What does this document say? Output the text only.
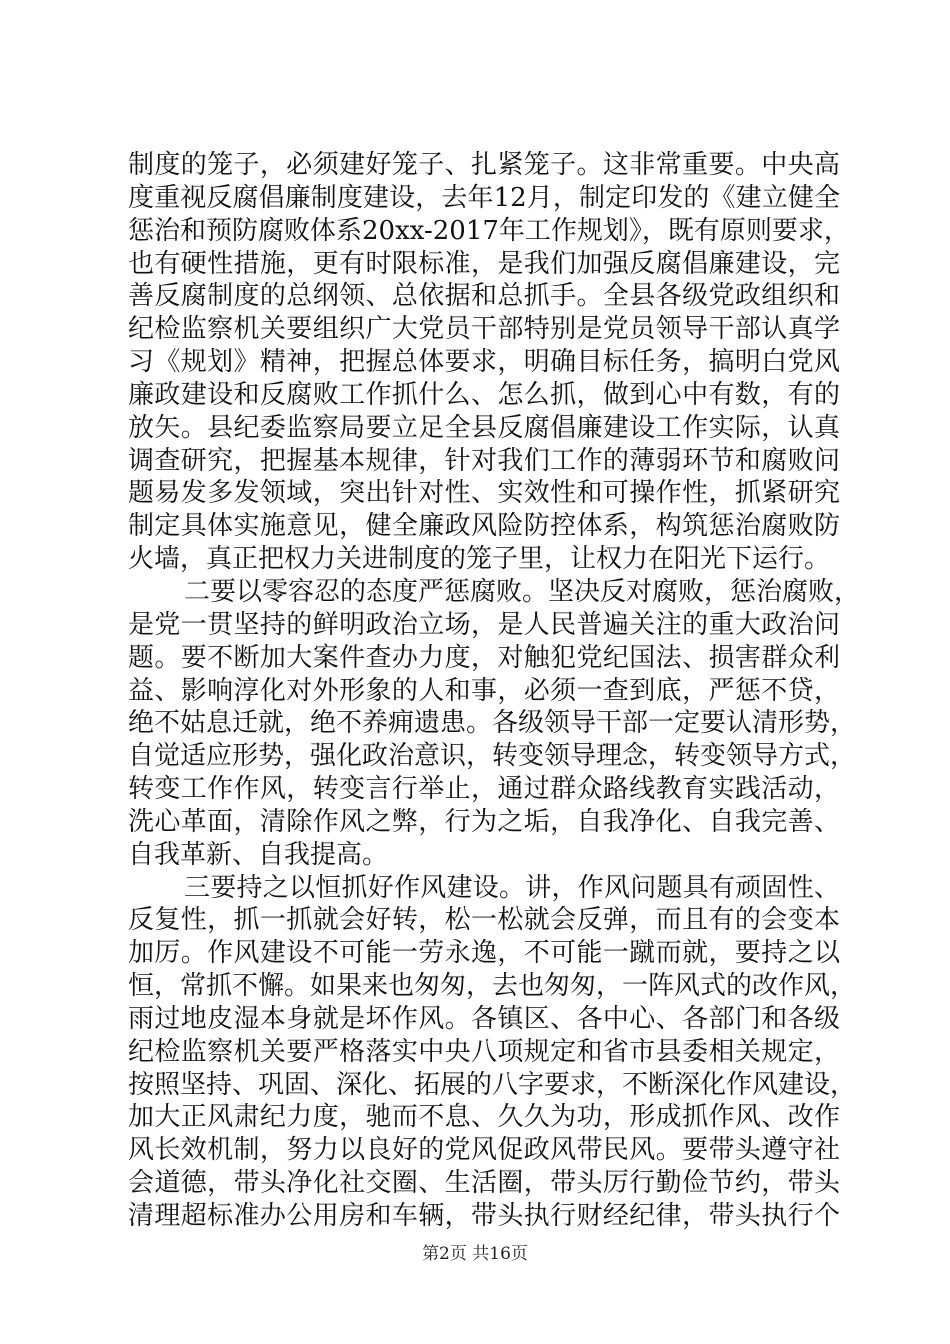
制度的笼子，必须建好笼子、扎紧笼子。这非常重要。中央高
度重视反腐倡廉制度建设，去年12月，制定印发的《建立健全
惩治和预防腐败体系20xx-2017年工作规划》，既有原则要求，
也有硬性措施，更有时限标准，是我们加强反腐倡廉建设，完
善反腐制度的总纲领、总依据和总抓手。全县各级党政组织和
纪检监察机关要组织广大党员干部特别是党员领导干部认真学
习《规划》精神，把握总体要求，明确目标任务，搞明白党风
廉政建设和反腐败工作抓什么、怎么抓，做到心中有数，有的
放矢。县纪委监察局要立足全县反腐倡廉建设工作实际，认真
调查研究，把握基本规律，针对我们工作的薄弱环节和腐败问
题易发多发领域，突出针对性、实效性和可操作性，抓紧研究
制定具体实施意见，健全廉政风险防控体系，构筑惩治腐败防
火墙，真正把权力关进制度的笼子里，让权力在阳光下运行。
二要以零容忍的态度严惩腐败。坚决反对腐败，惩治腐败，
是党一贯坚持的鲜明政治立场，是人民普遍关注的重大政治问
题。要不断加大案件查办力度，对触犯党纪国法、损害群众利
益、影响淳化对外形象的人和事，必须一查到底，严惩不贷，
绝不姑息迁就，绝不养痈遗患。各级领导干部一定要认清形势，
自觉适应形势，强化政治意识，转变领导理念，转变领导方式，
转变工作作风，转变言行举止，通过群众路线教育实践活动，
洗心革面，清除作风之弊，行为之垢，自我净化、自我完善、
自我革新、自我提高。
三要持之以恒抓好作风建设。讲，作风问题具有顽固性、
反复性，抓一抓就会好转，松一松就会反弹，而且有的会变本
加厉。作风建设不可能一劳永逸，不可能一蹴而就，要持之以
恒，常抓不懈。如果来也匆匆，去也匆匆，一阵风式的改作风，
雨过地皮湿本身就是坏作风。各镇区、各中心、各部门和各级
纪检监察机关要严格落实中央八项规定和省市县委相关规定，
按照坚持、巩固、深化、拓展的八字要求，不断深化作风建设，
加大正风肃纪力度，驰而不息、久久为功，形成抓作风、改作
风长效机制，努力以良好的党风促政风带民风。要带头遵守社
会道德，带头净化社交圈、生活圈，带头厉行勤俭节约，带头
清理超标准办公用房和车辆，带头执行财经纪律，带头执行个
第2页 共16页
